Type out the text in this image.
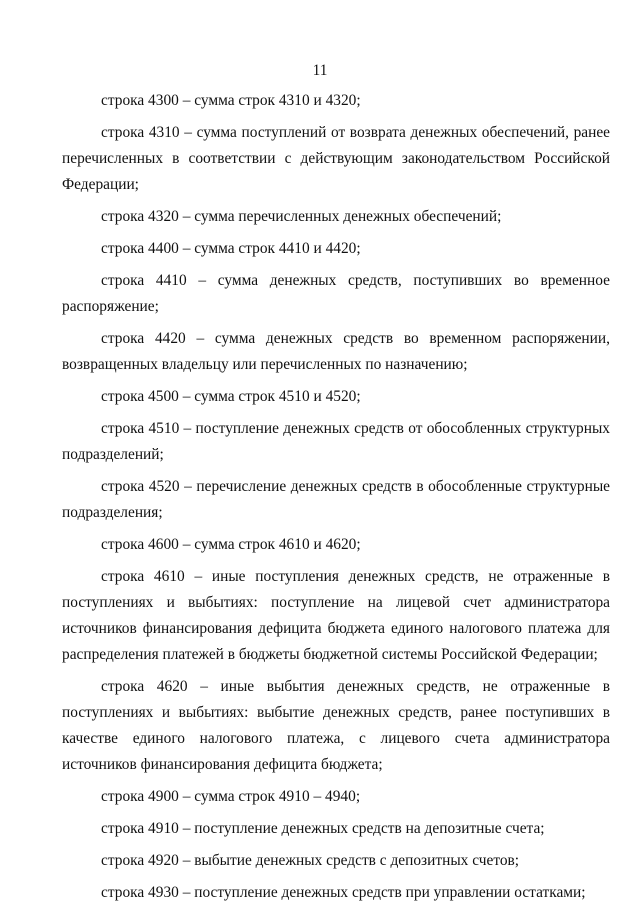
11

строка 4300 – сумма строк 4310 и 4320;

строка 4310 – сумма поступлений от возврата денежных обеспечений, ранее перечисленных в соответствии с действующим законодательством Российской Федерации;

строка 4320 – сумма перечисленных денежных обеспечений;

строка 4400 – сумма строк 4410 и 4420;

строка 4410 – сумма денежных средств, поступивших во временное распоряжение;

строка 4420 – сумма денежных средств во временном распоряжении, возвращенных владельцу или перечисленных по назначению;

строка 4500 – сумма строк 4510 и 4520;

строка 4510 – поступление денежных средств от обособленных структурных подразделений;

строка 4520 – перечисление денежных средств в обособленные структурные подразделения;

строка 4600 – сумма строк 4610 и 4620;

строка 4610 – иные поступления денежных средств, не отраженные в поступлениях и выбытиях: поступление на лицевой счет администратора источников финансирования дефицита бюджета единого налогового платежа для распределения платежей в бюджеты бюджетной системы Российской Федерации;

строка 4620 – иные выбытия денежных средств, не отраженные в поступлениях и выбытиях: выбытие денежных средств, ранее поступивших в качестве единого налогового платежа, с лицевого счета администратора источников финансирования дефицита бюджета;

строка 4900 – сумма строк 4910 – 4940;

строка 4910 – поступление денежных средств на депозитные счета;

строка 4920 – выбытие денежных средств с депозитных счетов;

строка 4930 – поступление денежных средств при управлении остатками;
